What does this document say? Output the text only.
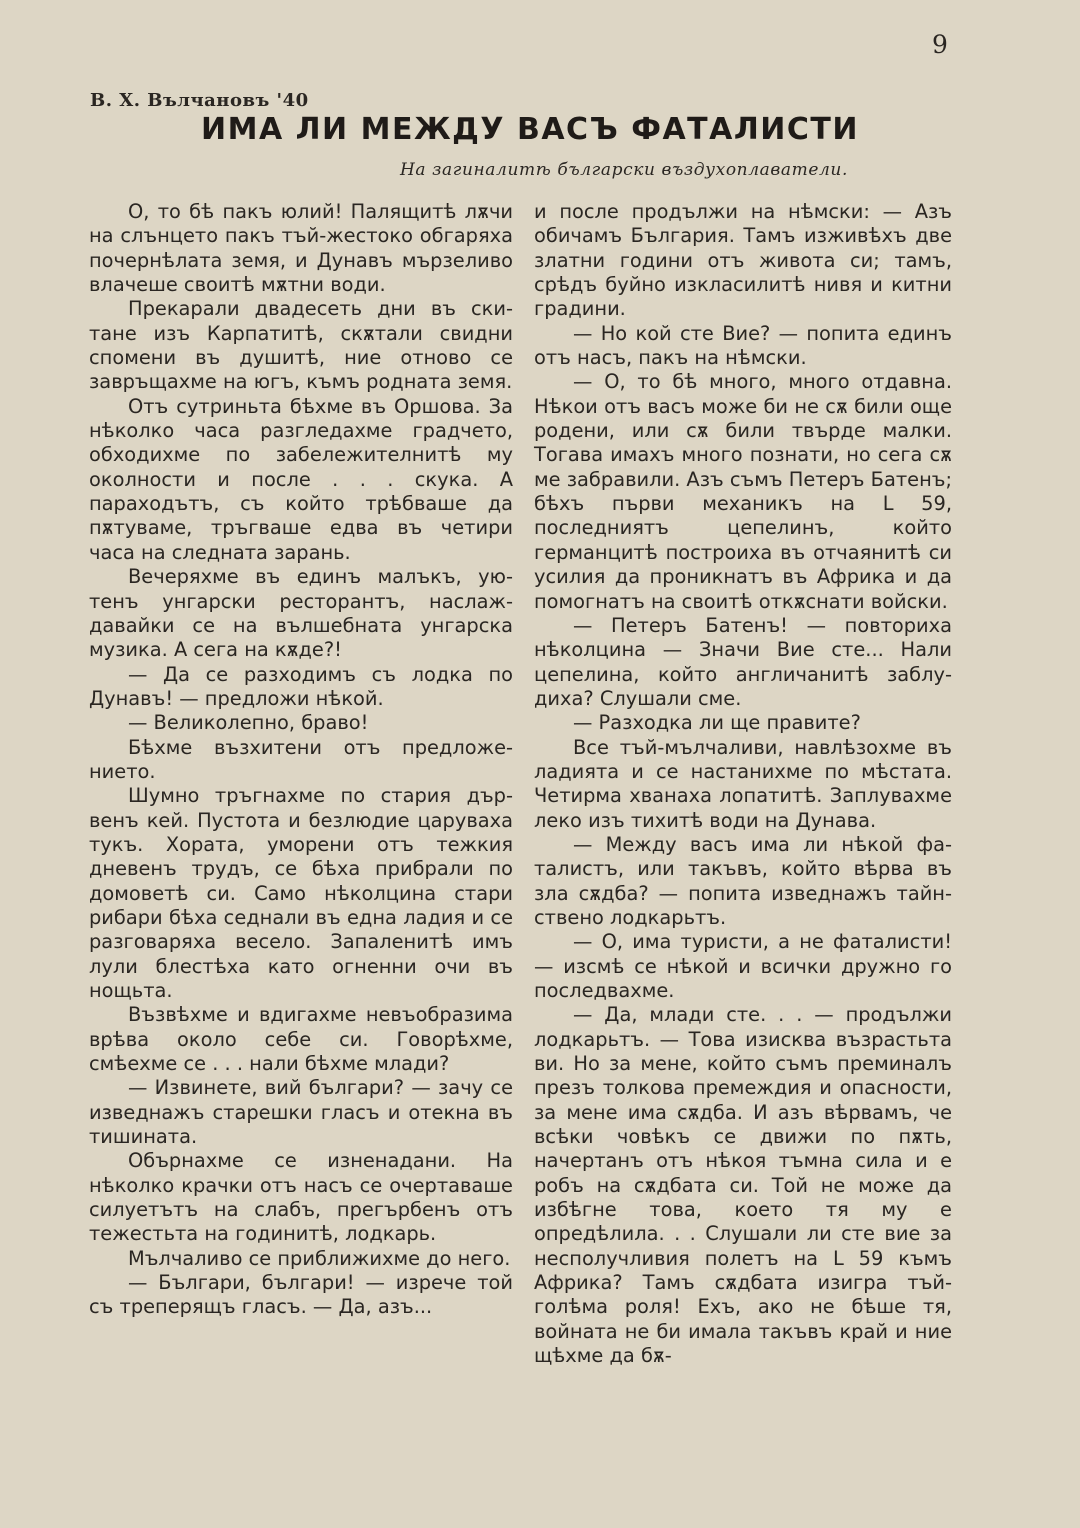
9
В. Х. Вълчановъ '40
ИМА ЛИ МЕЖДУ ВАСЪ ФАТАЛИСТИ
На загиналитѣ български въздухоплаватели.

О, то бѣ пакъ юлий! Палящитѣ лѫчи на слънцето пакъ тъй-жестоко обгаряха почернѣлата земя, и Дунавъ мързеливо влачеше своитѣ мѫтни води.

Прекарали двадесеть дни въ скитане изъ Карпатитѣ, скѫтали свидни спомени въ душитѣ, ние отново се завръщахме на югъ, къмъ родната земя.

Отъ сутриньта бѣхме въ Оршова. За нѣколко часа разгледахме градчето, обходихме по забележителнитѣ му околности и после . . . скука. А параходътъ, съ който трѣбваше да пѫтуваме, тръгваше едва въ четири часа на следната зарань.

Вечеряхме въ единъ малъкъ, уютенъ унгарски ресторантъ, наслаждавайки се на вълшебната унгарска музика. А сега на кѫде?!

— Да се разходимъ съ лодка по Дунавъ! — предложи нѣкой.

— Великолепно, браво!

Бѣхме възхитени отъ предложението.

Шумно тръгнахме по стария дървенъ кей. Пустота и безлюдие царуваха тукъ. Хората, уморени отъ тежкия дневенъ трудъ, се бѣха прибрали по домоветѣ си. Само нѣколцина стари рибари бѣха седнали въ една ладия и се разговаряха весело. Запаленитѣ имъ лули блестѣха като огненни очи въ нощьта.

Възвѣхме и вдигахме невъобразима врѣва около себе си. Говорѣхме, смѣехме се . . . нали бѣхме млади?

— Извинете, вий българи? — зачу се изведнажъ старешки гласъ и отекна въ тишината.

Обърнахме се изненадани. На нѣколко крачки отъ насъ се очертаваше силуетътъ на слабъ, прегърбенъ отъ тежестьта на годинитѣ, лодкарь.

Мълчаливо се приближихме до него.

— Българи, българи! — изрече той съ треперящъ гласъ. — Да, азъ...

и после продължи на нѣмски: — Азъ обичамъ България. Тамъ изживѣхъ две златни години отъ живота си; тамъ, срѣдъ буйно изкласилитѣ нивя и китни градини.

— Но кой сте Вие? — попита единъ отъ насъ, пакъ на нѣмски.

— О, то бѣ много, много отдавна. Нѣкои отъ васъ може би не сѫ били още родени, или сѫ били твърде малки. Тогава имахъ много познати, но сега сѫ ме забравили. Азъ съмъ Петеръ Батенъ; бѣхъ първи механикъ на L 59, последниятъ цепелинъ, който германцитѣ построиха въ отчаянитѣ си усилия да проникнатъ въ Африка и да помогнатъ на своитѣ откѫснати войски.

— Петеръ Батенъ! — повториха нѣколцина — Значи Вие сте... Нали цепелина, който англичанитѣ заблудиха? Слушали сме.

— Разходка ли ще правите?

Все тъй-мълчаливи, навлѣзохме въ ладията и се настанихме по мѣстата. Четирма хванаха лопатитѣ. Заплувахме леко изъ тихитѣ води на Дунава.

— Между васъ има ли нѣкой фаталистъ, или такъвъ, който вѣрва въ зла сѫдба? — попита изведнажъ тайнствено лодкарьтъ.

— О, има туристи, а не фаталисти! — изсмѣ се нѣкой и всички дружно го последвахме.

— Да, млади сте. . . — продължи лодкарьтъ. — Това изисква възрастьта ви. Но за мене, който съмъ преминалъ презъ толкова премеждия и опасности, за мене има сѫдба. И азъ вѣрвамъ, че всѣки човѣкъ се движи по пѫть, начертанъ отъ нѣкоя тъмна сила и е робъ на сѫдбата си. Той не може да избѣгне това, което тя му е опредѣлила. . . Слушали ли сте вие за несполучливия полетъ на L 59 къмъ Африка? Тамъ сѫдбата изигра тъй-голѣма роля! Ехъ, ако не бѣше тя, войната не би имала такъвъ край и ние щѣхме да бѫ-
